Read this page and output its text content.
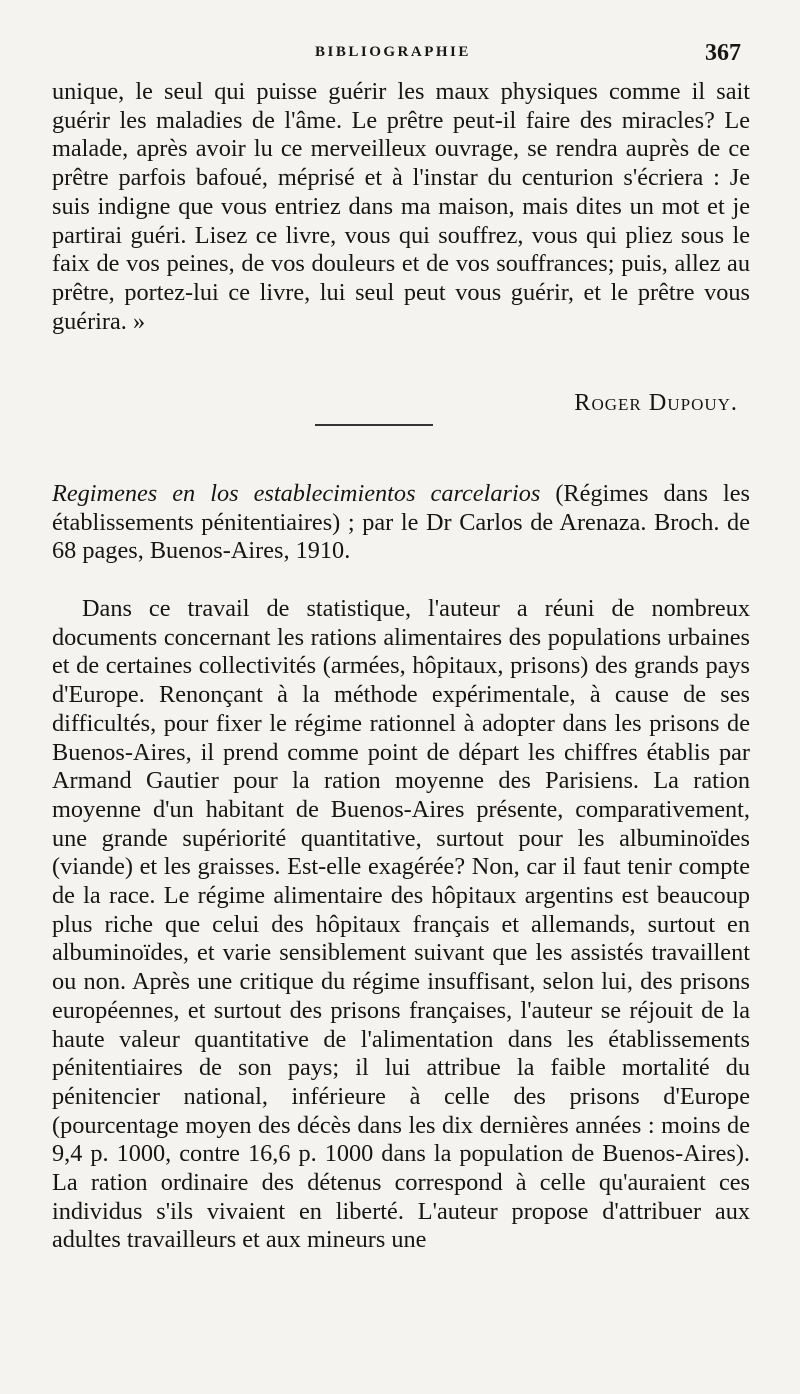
BIBLIOGRAPHIE	367

unique, le seul qui puisse guérir les maux physiques comme il sait guérir les maladies de l'âme. Le prêtre peut-il faire des miracles? Le malade, après avoir lu ce merveilleux ouvrage, se rendra auprès de ce prêtre parfois bafoué, méprisé et à l'instar du centurion s'écriera : Je suis indigne que vous entriez dans ma maison, mais dites un mot et je partirai guéri. Lisez ce livre, vous qui souffrez, vous qui pliez sous le faix de vos peines, de vos douleurs et de vos souffrances; puis, allez au prêtre, portez-lui ce livre, lui seul peut vous guérir, et le prêtre vous guérira. »

Roger Dupouy.

Regimenes en los establecimientos carcelarios (Régimes dans les établissements pénitentiaires) ; par le Dr Carlos de Arenaza. Broch. de 68 pages, Buenos-Aires, 1910.

Dans ce travail de statistique, l'auteur a réuni de nombreux documents concernant les rations alimentaires des populations urbaines et de certaines collectivités (armées, hôpitaux, prisons) des grands pays d'Europe. Renonçant à la méthode expérimentale, à cause de ses difficultés, pour fixer le régime rationnel à adopter dans les prisons de Buenos-Aires, il prend comme point de départ les chiffres établis par Armand Gautier pour la ration moyenne des Parisiens. La ration moyenne d'un habitant de Buenos-Aires présente, comparativement, une grande supériorité quantitative, surtout pour les albuminoïdes (viande) et les graisses. Est-elle exagérée? Non, car il faut tenir compte de la race. Le régime alimentaire des hôpitaux argentins est beaucoup plus riche que celui des hôpitaux français et allemands, surtout en albuminoïdes, et varie sensiblement suivant que les assistés travaillent ou non. Après une critique du régime insuffisant, selon lui, des prisons européennes, et surtout des prisons françaises, l'auteur se réjouit de la haute valeur quantitative de l'alimentation dans les établissements pénitentiaires de son pays; il lui attribue la faible mortalité du pénitencier national, inférieure à celle des prisons d'Europe (pourcentage moyen des décès dans les dix dernières années : moins de 9,4 p. 1000, contre 16,6 p. 1000 dans la population de Buenos-Aires). La ration ordinaire des détenus correspond à celle qu'auraient ces individus s'ils vivaient en liberté. L'auteur propose d'attribuer aux adultes travailleurs et aux mineurs une
